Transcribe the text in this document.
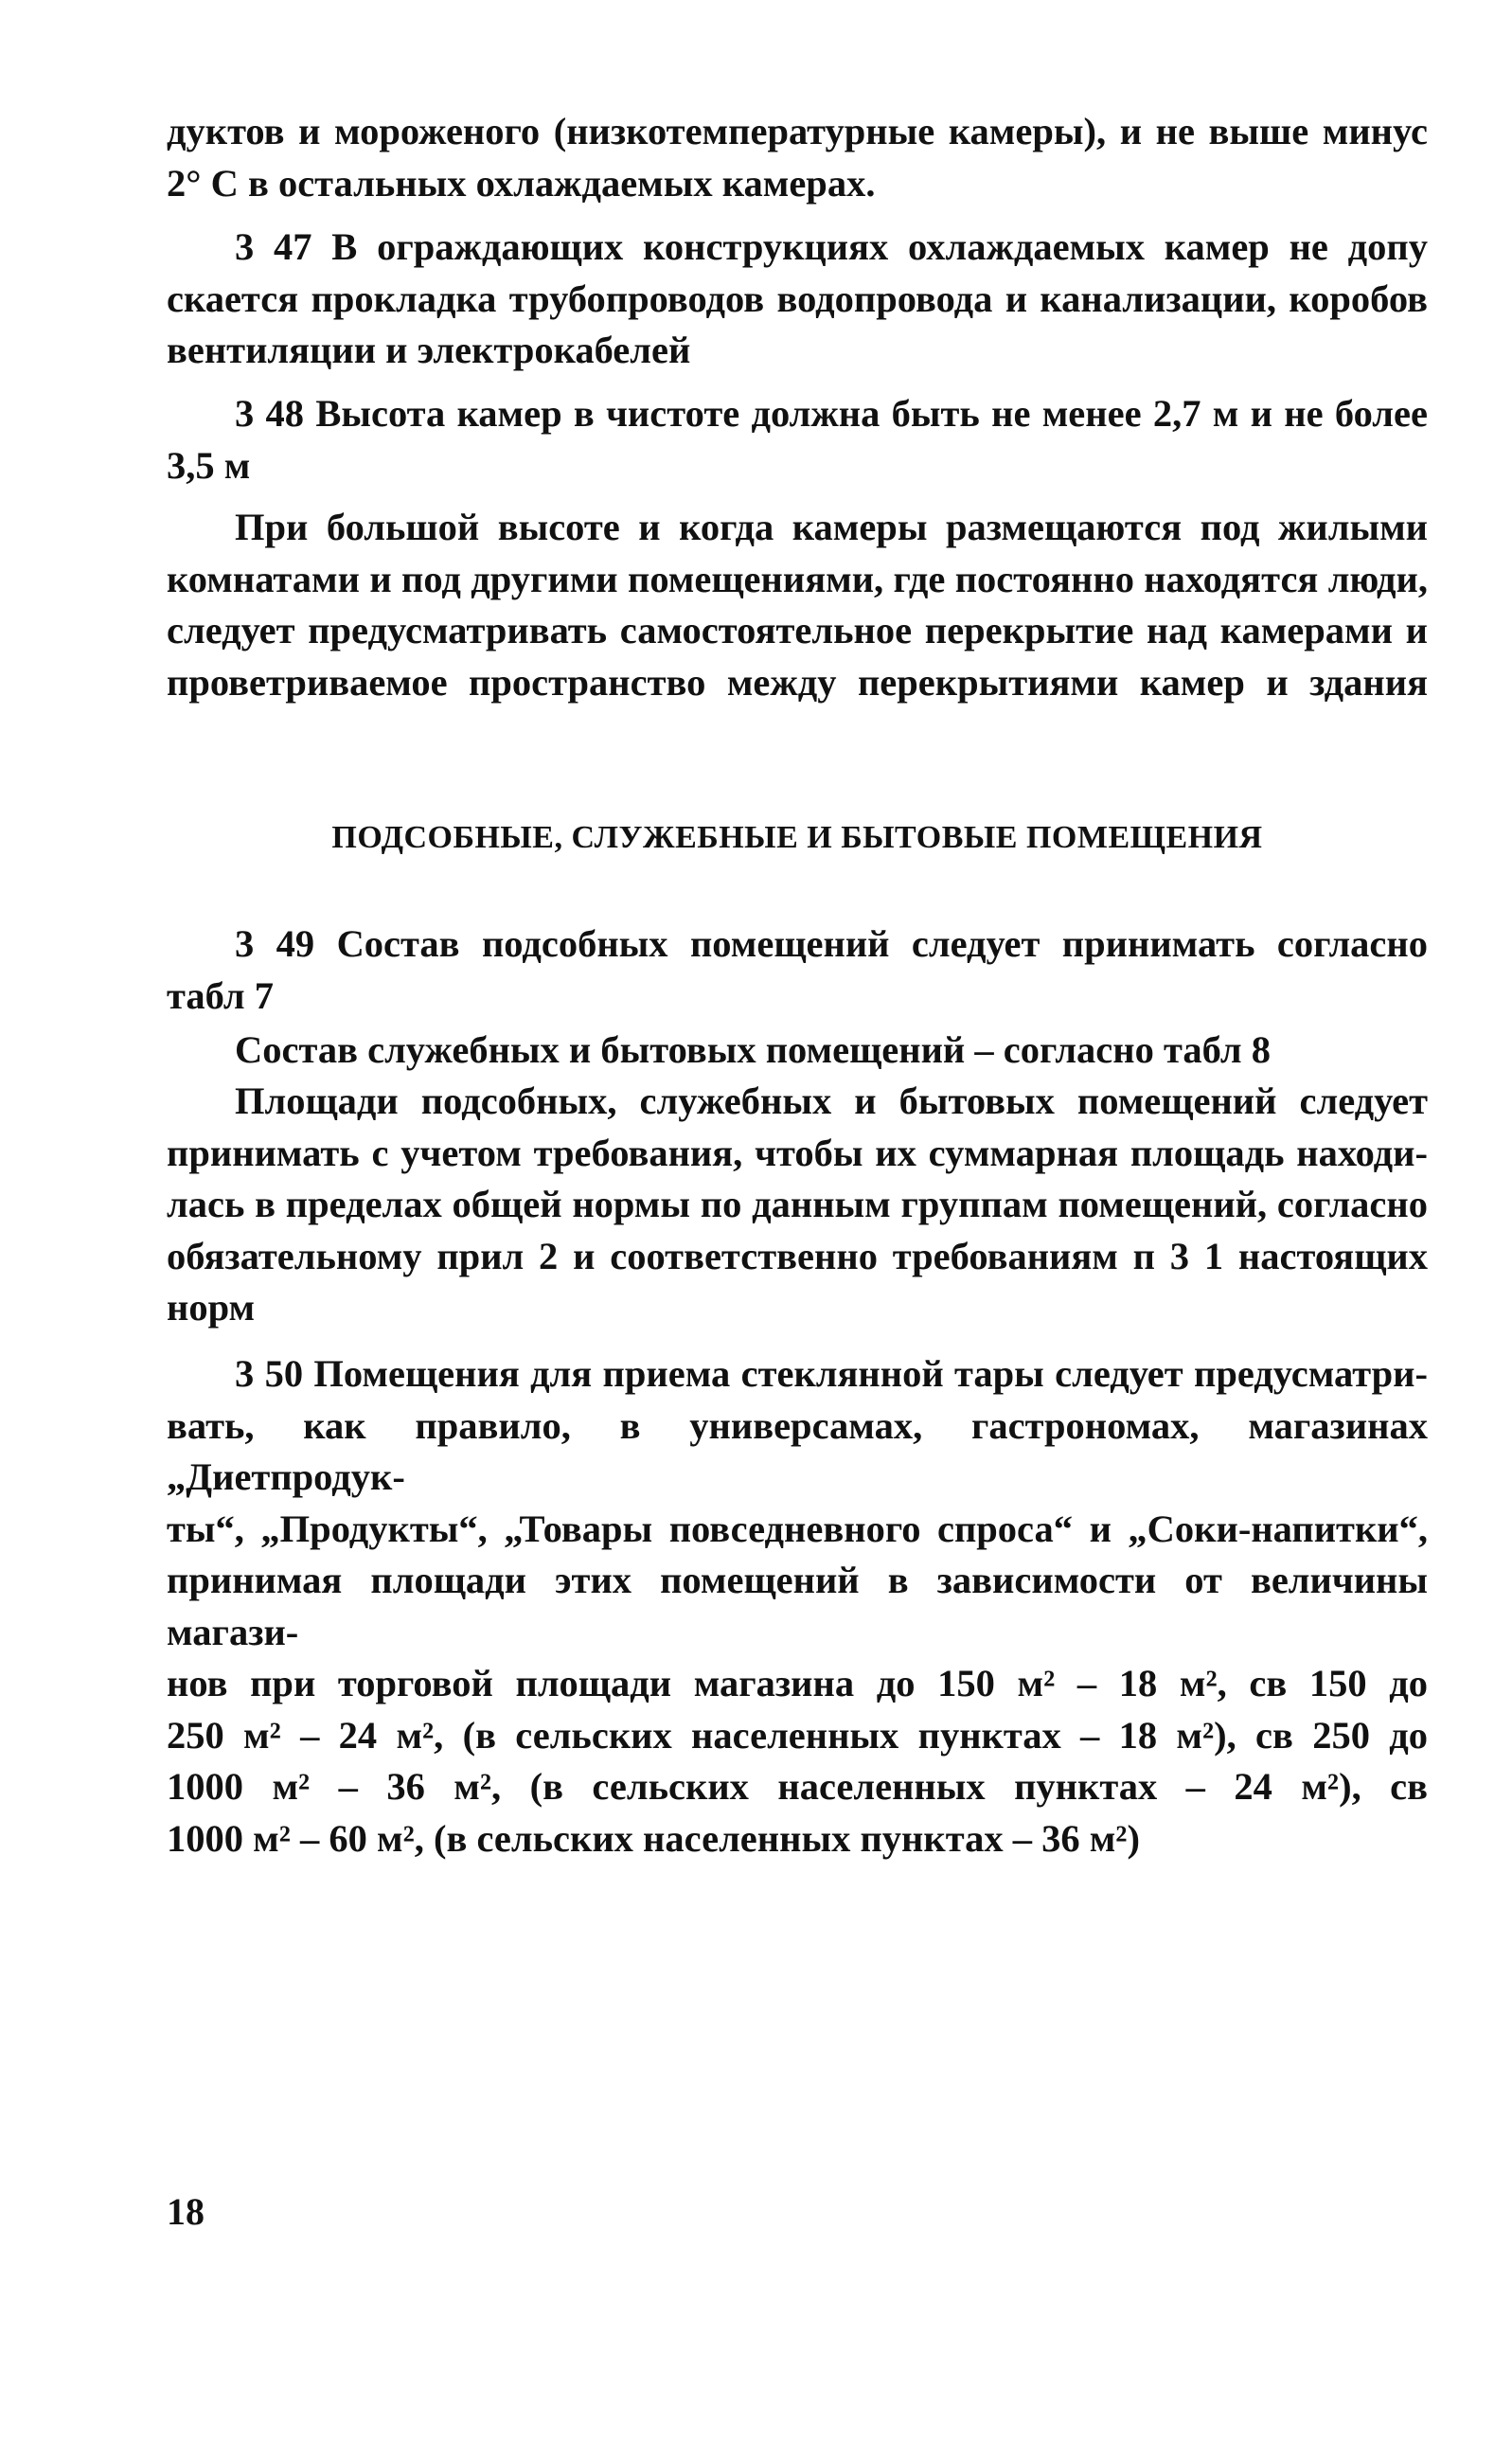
дуктов и мороженого (низкотемпературные камеры), и не выше минус
2° С в остальных охлаждаемых камерах.
3 47 В ограждающих конструкциях охлаждаемых камер не допу
скается прокладка трубопроводов водопровода и канализации, коробов
вентиляции и электрокабелей
3 48 Высота камер в чистоте должна быть не менее 2,7 м и не более
3,5 м
При большой высоте и когда камеры размещаются под жилыми
комнатами и под другими помещениями, где постоянно находятся люди,
следует предусматривать самостоятельное перекрытие над камерами и
проветриваемое пространство между перекрытиями камер и здания
ПОДСОБНЫЕ, СЛУЖЕБНЫЕ И БЫТОВЫЕ ПОМЕЩЕНИЯ
3 49 Состав подсобных помещений следует принимать согласно
табл 7
Состав служебных и бытовых помещений – согласно табл 8
Площади подсобных, служебных и бытовых помещений следует
принимать с учетом требования, чтобы их суммарная площадь находи-
лась в пределах общей нормы по данным группам помещений, согласно
обязательному прил 2 и соответственно требованиям п 3 1 настоящих
норм
3 50 Помещения для приема стеклянной тары следует предусматри-
вать, как правило, в универсамах, гастрономах, магазинах „Диетпродук-
ты“, „Продукты“, „Товары повседневного спроса“ и „Соки-напитки“,
принимая площади этих помещений в зависимости от величины магази-
нов при торговой площади магазина до 150 м² – 18 м², св 150 до
250 м² – 24 м², (в сельских населенных пунктах – 18 м²), св 250 до
1000 м² – 36 м², (в сельских населенных пунктах – 24 м²), св
1000 м² – 60 м², (в сельских населенных пунктах – 36 м²)
18
